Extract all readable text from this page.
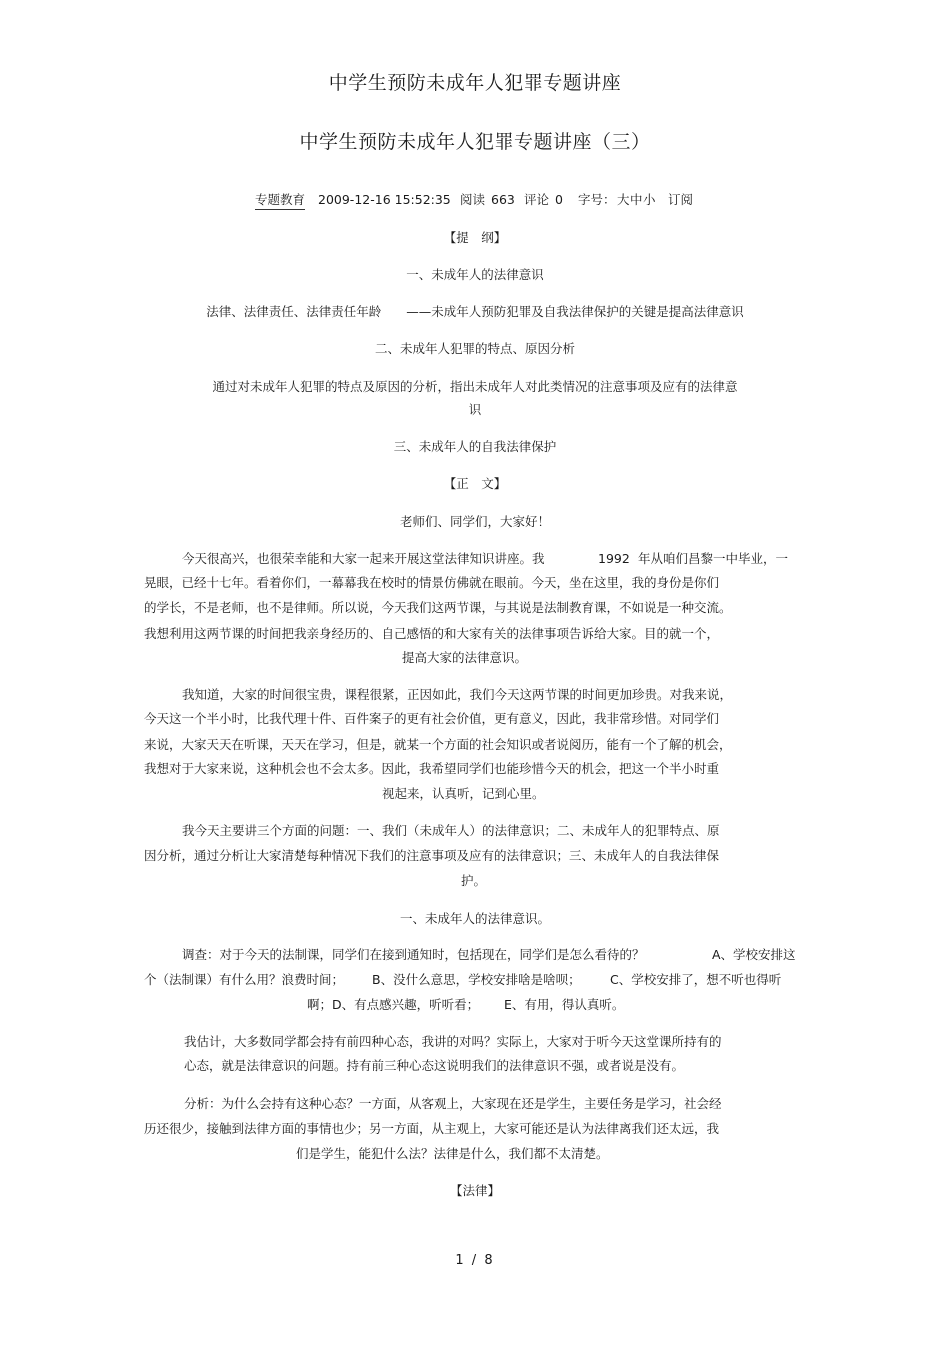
中学生预防未成年人犯罪专题讲座
中学生预防未成年人犯罪专题讲座（三）
专题教育 2009-12-16 15:52:35 阅读 663 评论 0 字号： 大 中 小 订阅
【提　纲】
一、未成年人的法律意识
法律、法律责任、法律责任年龄　　——未成年人预防犯罪及自我法律保护的关键是提高法律意识
二、未成年人犯罪的特点、原因分析
通过对未成年人犯罪的特点及原因的分析，指出未成年人对此类情况的注意事项及应有的法律意
识
三、未成年人的自我法律保护
【正　文】
老师们、同学们，大家好！
今天很高兴，也很荣幸能和大家一起来开展这堂法律知识讲座。我	1992 年从咱们昌黎一中毕业，一
晃眼，已经十七年。看着你们，一幕幕我在校时的情景仿佛就在眼前。今天，坐在这里，我的身份是你们
的学长，不是老师，也不是律师。所以说，今天我们这两节课，与其说是法制教育课，不如说是一种交流。
我想利用这两节课的时间把我亲身经历的、自己感悟的和大家有关的法律事项告诉给大家。目的就一个，
提高大家的法律意识。
我知道，大家的时间很宝贵，课程很紧，正因如此，我们今天这两节课的时间更加珍贵。对我来说，
今天这一个半小时，比我代理十件、百件案子的更有社会价值，更有意义，因此，我非常珍惜。对同学们
来说，大家天天在听课，天天在学习，但是，就某一个方面的社会知识或者说阅历，能有一个了解的机会，
我想对于大家来说，这种机会也不会太多。因此，我希望同学们也能珍惜今天的机会，把这一个半小时重
视起来，认真听，记到心里。
我今天主要讲三个方面的问题：一、我们（未成年人）的法律意识；二、未成年人的犯罪特点、原
因分析，通过分析让大家清楚每种情况下我们的注意事项及应有的法律意识；三、未成年人的自我法律保
护。
一、未成年人的法律意识。
调查：对于今天的法制课，同学们在接到通知时，包括现在，同学们是怎么看待的？	A、学校安排这
个（法制课）有什么用？浪费时间； B、没什么意思，学校安排啥是啥呗； C、学校安排了，想不听也得听
啊；D、有点感兴趣，听听看； E、有用，得认真听。
我估计，大多数同学都会持有前四种心态，我讲的对吗？实际上，大家对于听今天这堂课所持有的
心态，就是法律意识的问题。持有前三种心态这说明我们的法律意识不强，或者说是没有。
分析：为什么会持有这种心态？一方面，从客观上，大家现在还是学生，主要任务是学习，社会经
历还很少，接触到法律方面的事情也少；另一方面，从主观上，大家可能还是认为法律离我们还太远，我
们是学生，能犯什么法？法律是什么，我们都不太清楚。
【法律】
1 / 8
